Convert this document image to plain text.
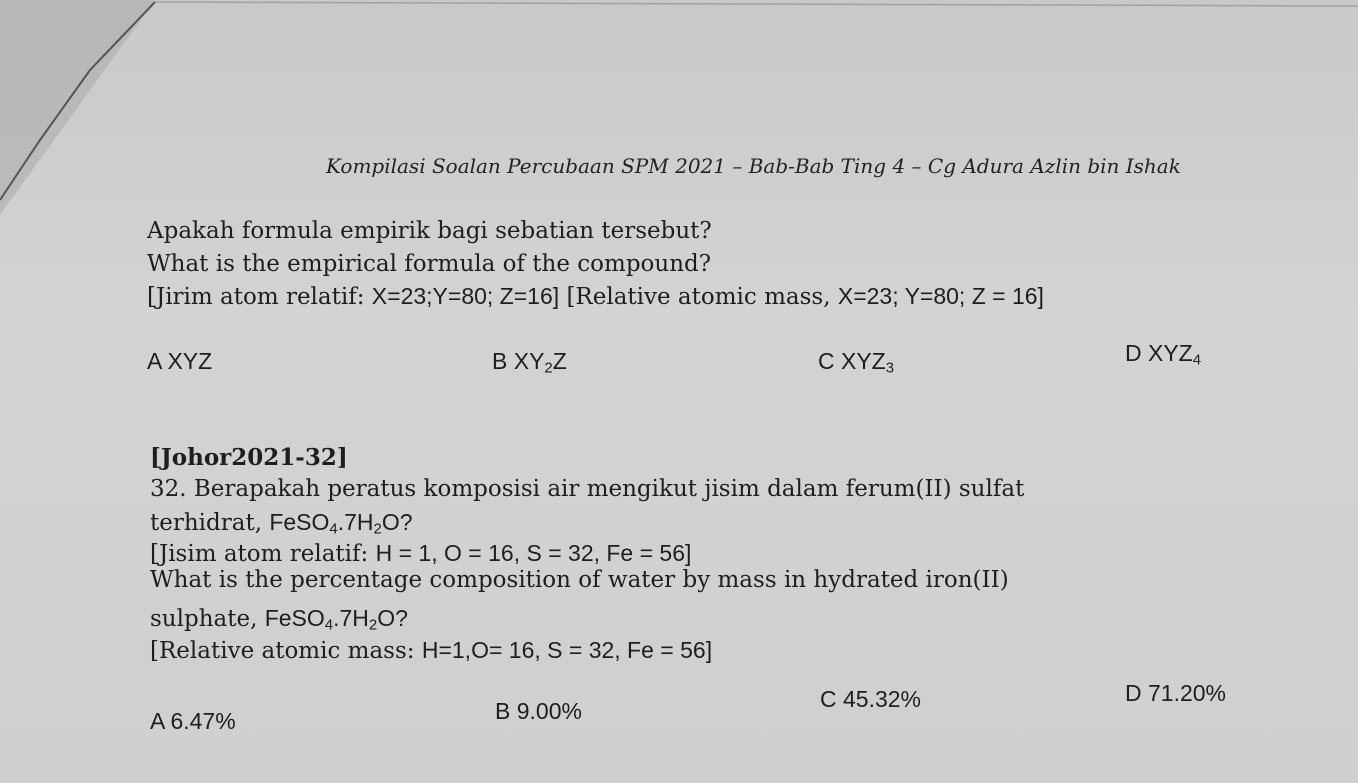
Kompilasi Soalan Percubaan SPM 2021 – Bab-Bab Ting 4 – Cg Adura Azlin bin Ishak
Apakah formula empirik bagi sebatian tersebut?
What is the empirical formula of the compound?
[Jirim atom relatif: X=23;Y=80; Z=16] [Relative atomic mass, X=23; Y=80; Z = 16]
A XYZ	B $XY_2Z$	C $XYZ_3$
D $XYZ_4$
[Johor2021-32]
32. Berapakah peratus komposisi air mengikut jisim dalam ferum(II) sulfat
terhidrat, $FeSO_4.7H_2O$?
[Jisim atom relatif: H = 1, O = 16, S = 32, Fe = 56]
What is the percentage composition of water by mass in hydrated iron(II)
sulphate, $FeSO_4.7H_2O$?
[Relative atomic mass: H=1,O= 16, S = 32, Fe = 56]
A 6.47%	B 9.00%	C 45.32%	D 71.20%
